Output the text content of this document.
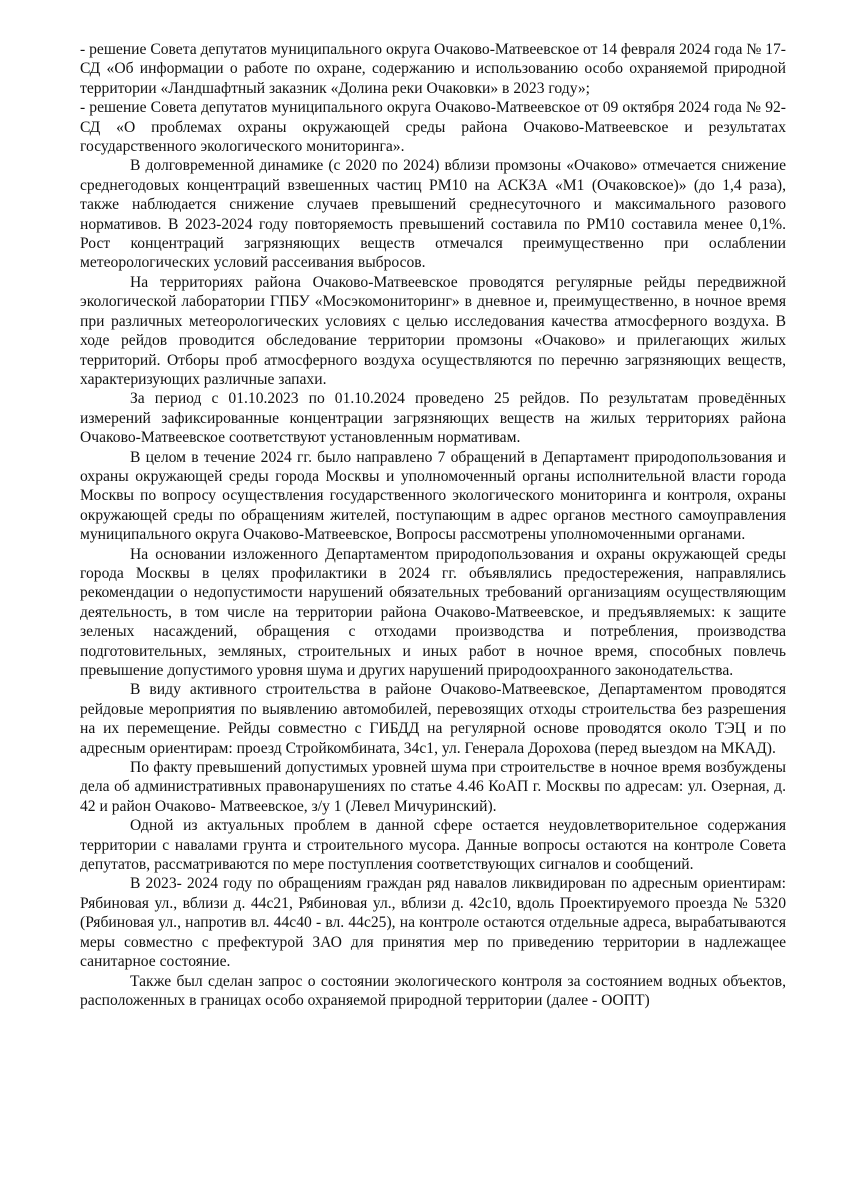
- решение Совета депутатов муниципального округа Очаково-Матвеевское от 14 февраля 2024 года № 17-СД «Об информации о работе по охране, содержанию и использованию особо охраняемой природной территории «Ландшафтный заказник «Долина реки Очаковки» в 2023 году»;

- решение Совета депутатов муниципального округа Очаково-Матвеевское от 09 октября 2024 года № 92-СД «О проблемах охраны окружающей среды района Очаково-Матвеевское и результатах государственного экологического мониторинга».

В долговременной динамике (с 2020 по 2024) вблизи промзоны «Очаково» отмечается снижение среднегодовых концентраций взвешенных частиц РМ10 на АСКЗА «М1 (Очаковское)» (до 1,4 раза), также наблюдается снижение случаев превышений среднесуточного и максимального разового нормативов. В 2023-2024 году повторяемость превышений составила по РМ10 составила менее 0,1%. Рост концентраций загрязняющих веществ отмечался преимущественно при ослаблении метеорологических условий рассеивания выбросов.

На территориях района Очаково-Матвеевское проводятся регулярные рейды передвижной экологической лаборатории ГПБУ «Мосэкомониторинг» в дневное и, преимущественно, в ночное время при различных метеорологических условиях с целью исследования качества атмосферного воздуха. В ходе рейдов проводится обследование территории промзоны «Очаково» и прилегающих жилых территорий. Отборы проб атмосферного воздуха осуществляются по перечню загрязняющих веществ, характеризующих различные запахи.

За период с 01.10.2023 по 01.10.2024 проведено 25 рейдов. По результатам проведённых измерений зафиксированные концентрации загрязняющих веществ на жилых территориях района Очаково-Матвеевское соответствуют установленным нормативам.

В целом в течение 2024 гг. было направлено 7 обращений в Департамент природопользования и охраны окружающей среды города Москвы и уполномоченный органы исполнительной власти города Москвы по вопросу осуществления государственного экологического мониторинга и контроля, охраны окружающей среды по обращениям жителей, поступающим в адрес органов местного самоуправления муниципального округа Очаково-Матвеевское, Вопросы рассмотрены уполномоченными органами.

На основании изложенного Департаментом природопользования и охраны окружающей среды города Москвы в целях профилактики в 2024 гг. объявлялись предостережения, направлялись рекомендации о недопустимости нарушений обязательных требований организациям осуществляющим деятельность, в том числе на территории района Очаково-Матвеевское, и предъявляемых: к защите зеленых насаждений, обращения с отходами производства и потребления, производства подготовительных, земляных, строительных и иных работ в ночное время, способных повлечь превышение допустимого уровня шума и других нарушений природоохранного законодательства.

В виду активного строительства в районе Очаково-Матвеевское, Департаментом проводятся рейдовые мероприятия по выявлению автомобилей, перевозящих отходы строительства без разрешения на их перемещение. Рейды совместно с ГИБДД на регулярной основе проводятся около ТЭЦ и по адресным ориентирам: проезд Стройкомбината, 34с1, ул. Генерала Дорохова (перед выездом на МКАД).

По факту превышений допустимых уровней шума при строительстве в ночное время возбуждены дела об административных правонарушениях по статье 4.46 КоАП г. Москвы по адресам: ул. Озерная, д. 42 и район Очаково- Матвеевское, з/у 1 (Левел Мичуринский).

Одной из актуальных проблем в данной сфере остается неудовлетворительное содержания территории с навалами грунта и строительного мусора. Данные вопросы остаются на контроле Совета депутатов, рассматриваются по мере поступления соответствующих сигналов и сообщений.

В 2023- 2024 году по обращениям граждан ряд навалов ликвидирован по адресным ориентирам: Рябиновая ул., вблизи д. 44с21, Рябиновая ул., вблизи д. 42с10, вдоль Проектируемого проезда № 5320 (Рябиновая ул., напротив вл. 44с40 - вл. 44с25), на контроле остаются отдельные адреса, вырабатываются меры совместно с префектурой ЗАО для принятия мер по приведению территории в надлежащее санитарное состояние.

Также был сделан запрос о состоянии экологического контроля за состоянием водных объектов, расположенных в границах особо охраняемой природной территории (далее - ООПТ)
